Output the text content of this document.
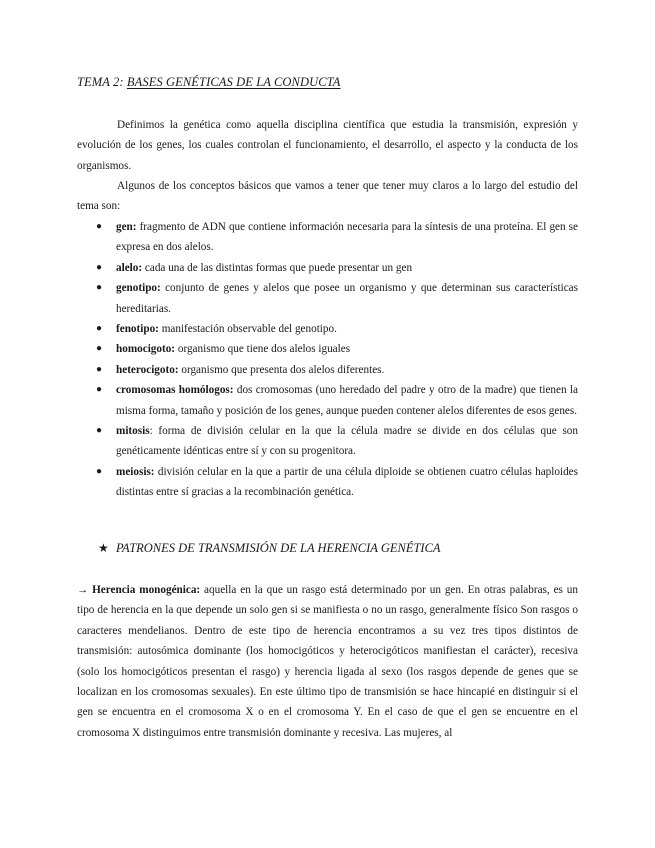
TEMA 2: BASES GENÉTICAS DE LA CONDUCTA

Definimos la genética como aquella disciplina científica que estudia la transmisión, expresión y evolución de los genes, los cuales controlan el funcionamiento, el desarrollo, el aspecto y la conducta de los organismos.

Algunos de los conceptos básicos que vamos a tener que tener muy claros a lo largo del estudio del tema son:

● gen: fragmento de ADN que contiene información necesaria para la síntesis de una proteína. El gen se expresa en dos alelos.
● alelo: cada una de las distintas formas que puede presentar un gen
● genotipo: conjunto de genes y alelos que posee un organismo y que determinan sus características hereditarias.
● fenotipo: manifestación observable del genotipo.
● homocigoto: organismo que tiene dos alelos iguales
● heterocigoto: organismo que presenta dos alelos diferentes.
● cromosomas homólogos: dos cromosomas (uno heredado del padre y otro de la madre) que tienen la misma forma, tamaño y posición de los genes, aunque pueden contener alelos diferentes de esos genes.
● mitosis: forma de división celular en la que la célula madre se divide en dos células que son genéticamente idénticas entre sí y con su progenitora.
● meiosis: división celular en la que a partir de una célula diploide se obtienen cuatro células haploides distintas entre sí gracias a la recombinación genética.
★ PATRONES DE TRANSMISIÓN DE LA HERENCIA GENÉTICA

→ Herencia monogénica: aquella en la que un rasgo está determinado por un gen. En otras palabras, es un tipo de herencia en la que depende un solo gen si se manifiesta o no un rasgo, generalmente físico Son rasgos o caracteres mendelianos. Dentro de este tipo de herencia encontramos a su vez tres tipos distintos de transmisión: autosómica dominante (los homocigóticos y heterocigóticos manifiestan el carácter), recesiva (solo los homocigóticos presentan el rasgo) y herencia ligada al sexo (los rasgos depende de genes que se localizan en los cromosomas sexuales). En este último tipo de transmisión se hace hincapié en distinguir si el gen se encuentra en el cromosoma X o en el cromosoma Y. En el caso de que el gen se encuentre en el cromosoma X distinguimos entre transmisión dominante y recesiva. Las mujeres, al
